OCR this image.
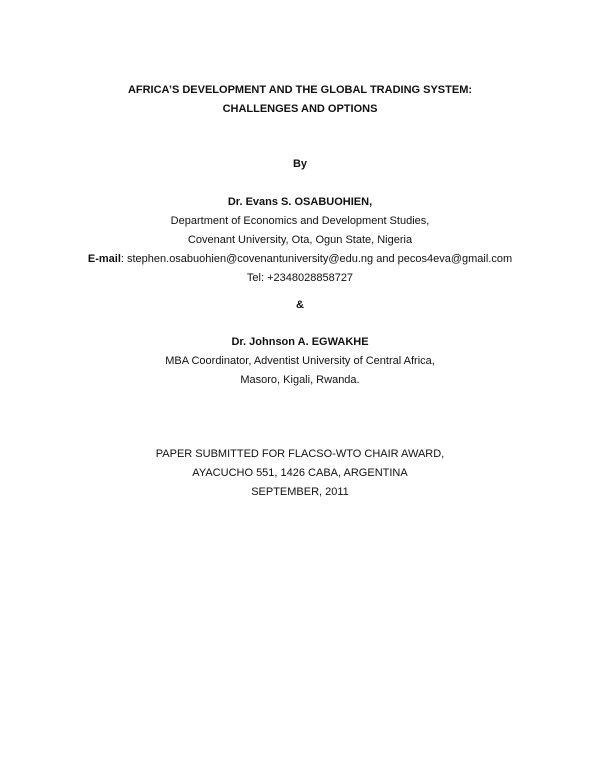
AFRICA’S DEVELOPMENT AND THE GLOBAL TRADING SYSTEM:
CHALLENGES AND OPTIONS
By
Dr. Evans S. OSABUOHIEN,
Department of Economics and Development Studies,
Covenant University, Ota, Ogun State, Nigeria
E-mail: stephen.osabuohien@covenantuniversity@edu.ng and pecos4eva@gmail.com
Tel: +2348028858727
&
Dr. Johnson A. EGWAKHE
MBA Coordinator, Adventist University of Central Africa,
Masoro, Kigali, Rwanda.
PAPER SUBMITTED FOR FLACSO-WTO CHAIR AWARD,
AYACUCHO 551, 1426 CABA, ARGENTINA
SEPTEMBER, 2011
